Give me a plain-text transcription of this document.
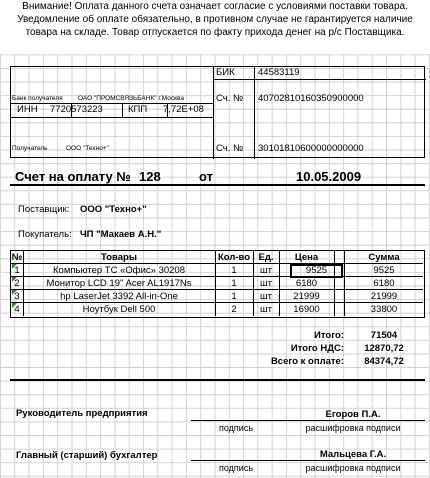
Внимание! Оплата данного счета означает согласие с условиями поставки товара. Уведомление об оплате обязательно, в противном случае не гарантируется наличие товара на складе. Товар отпускается по факту прихода денег на р/с Поставщика.
БИК 44583119
Банк получателя ОАО "ПРОМСВЯЗЬБАНК" г.Москва	Сч. № 40702810160350900000
ИНН 7720573223	КПП 7,72E+08
Получатель	ООО "Техно+"	Сч. № 30101810600000000000
Счет на оплату № 128	от	10.05.2009
Поставщик: ООО "Техно+"
Покупатель: ЧП "Макаев А.Н."
№	Товары	Кол-во Ед.	Цена	Сумма
1	Компьютер ТС «Офис» 30208	1	шт	9525	9525
2	Монитор LCD 19" Acer AL1917Ns	1	шт	6180	6180
3	hp LaserJet 3392 All-in-One	1	шт	21999	21999
4	Ноутбук Dell 500	2	шт	16900	33800
Итого:	71504
Итого НДС:	12870,72
Всего к оплате:	84374,72
Руководитель предприятия	Егоров П.А.
подпись	расшифровка подписи
Главный (старший) бухгалтер	Мальцева Г.А.
подпись	расшифровка подписи
